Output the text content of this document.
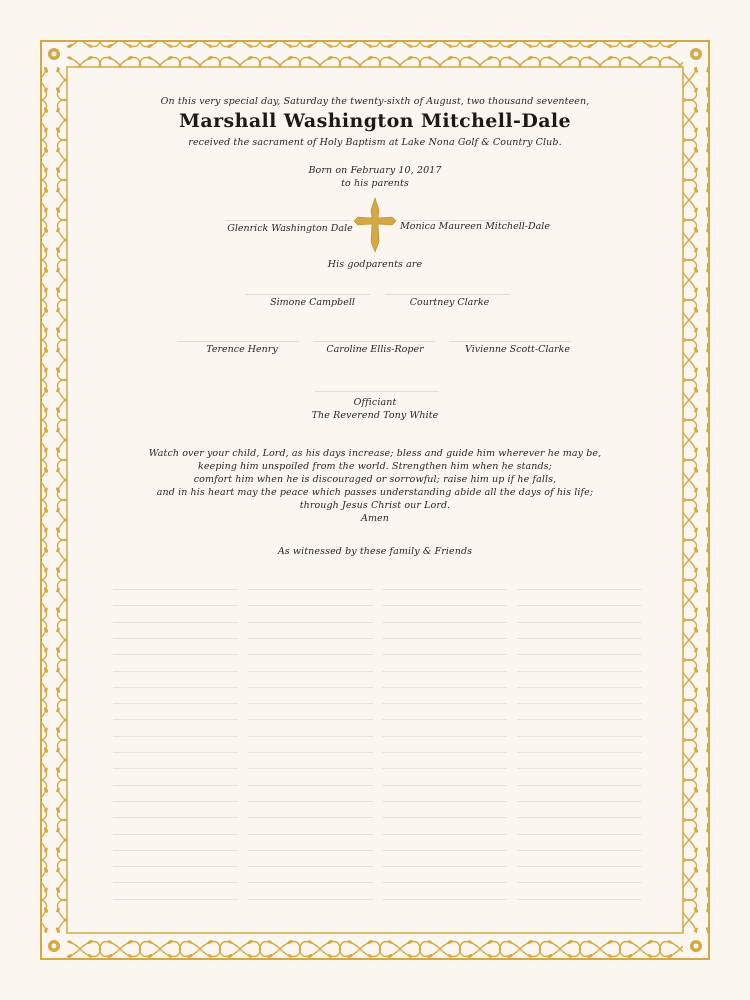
On this very special day, Saturday the twenty-sixth of August, two thousand seventeen,
Marshall Washington Mitchell-Dale
received the sacrament of Holy Baptism at Lake Nona Golf & Country Club.
Born on February 10, 2017
to his parents
Glenrick Washington Dale	Monica Maureen Mitchell-Dale
His godparents are
Simone Campbell	Courtney Clarke
Terence Henry	Caroline Ellis-Roper	Vivienne Scott-Clarke
Officiant
The Reverend Tony White
Watch over your child, Lord, as his days increase; bless and guide him wherever he may be,
keeping him unspoiled from the world. Strengthen him when he stands;
comfort him when he is discouraged or sorrowful; raise him up if he falls,
and in his heart may the peace which passes understanding abide all the days of his life;
through Jesus Christ our Lord.
Amen
As witnessed by these family & Friends
